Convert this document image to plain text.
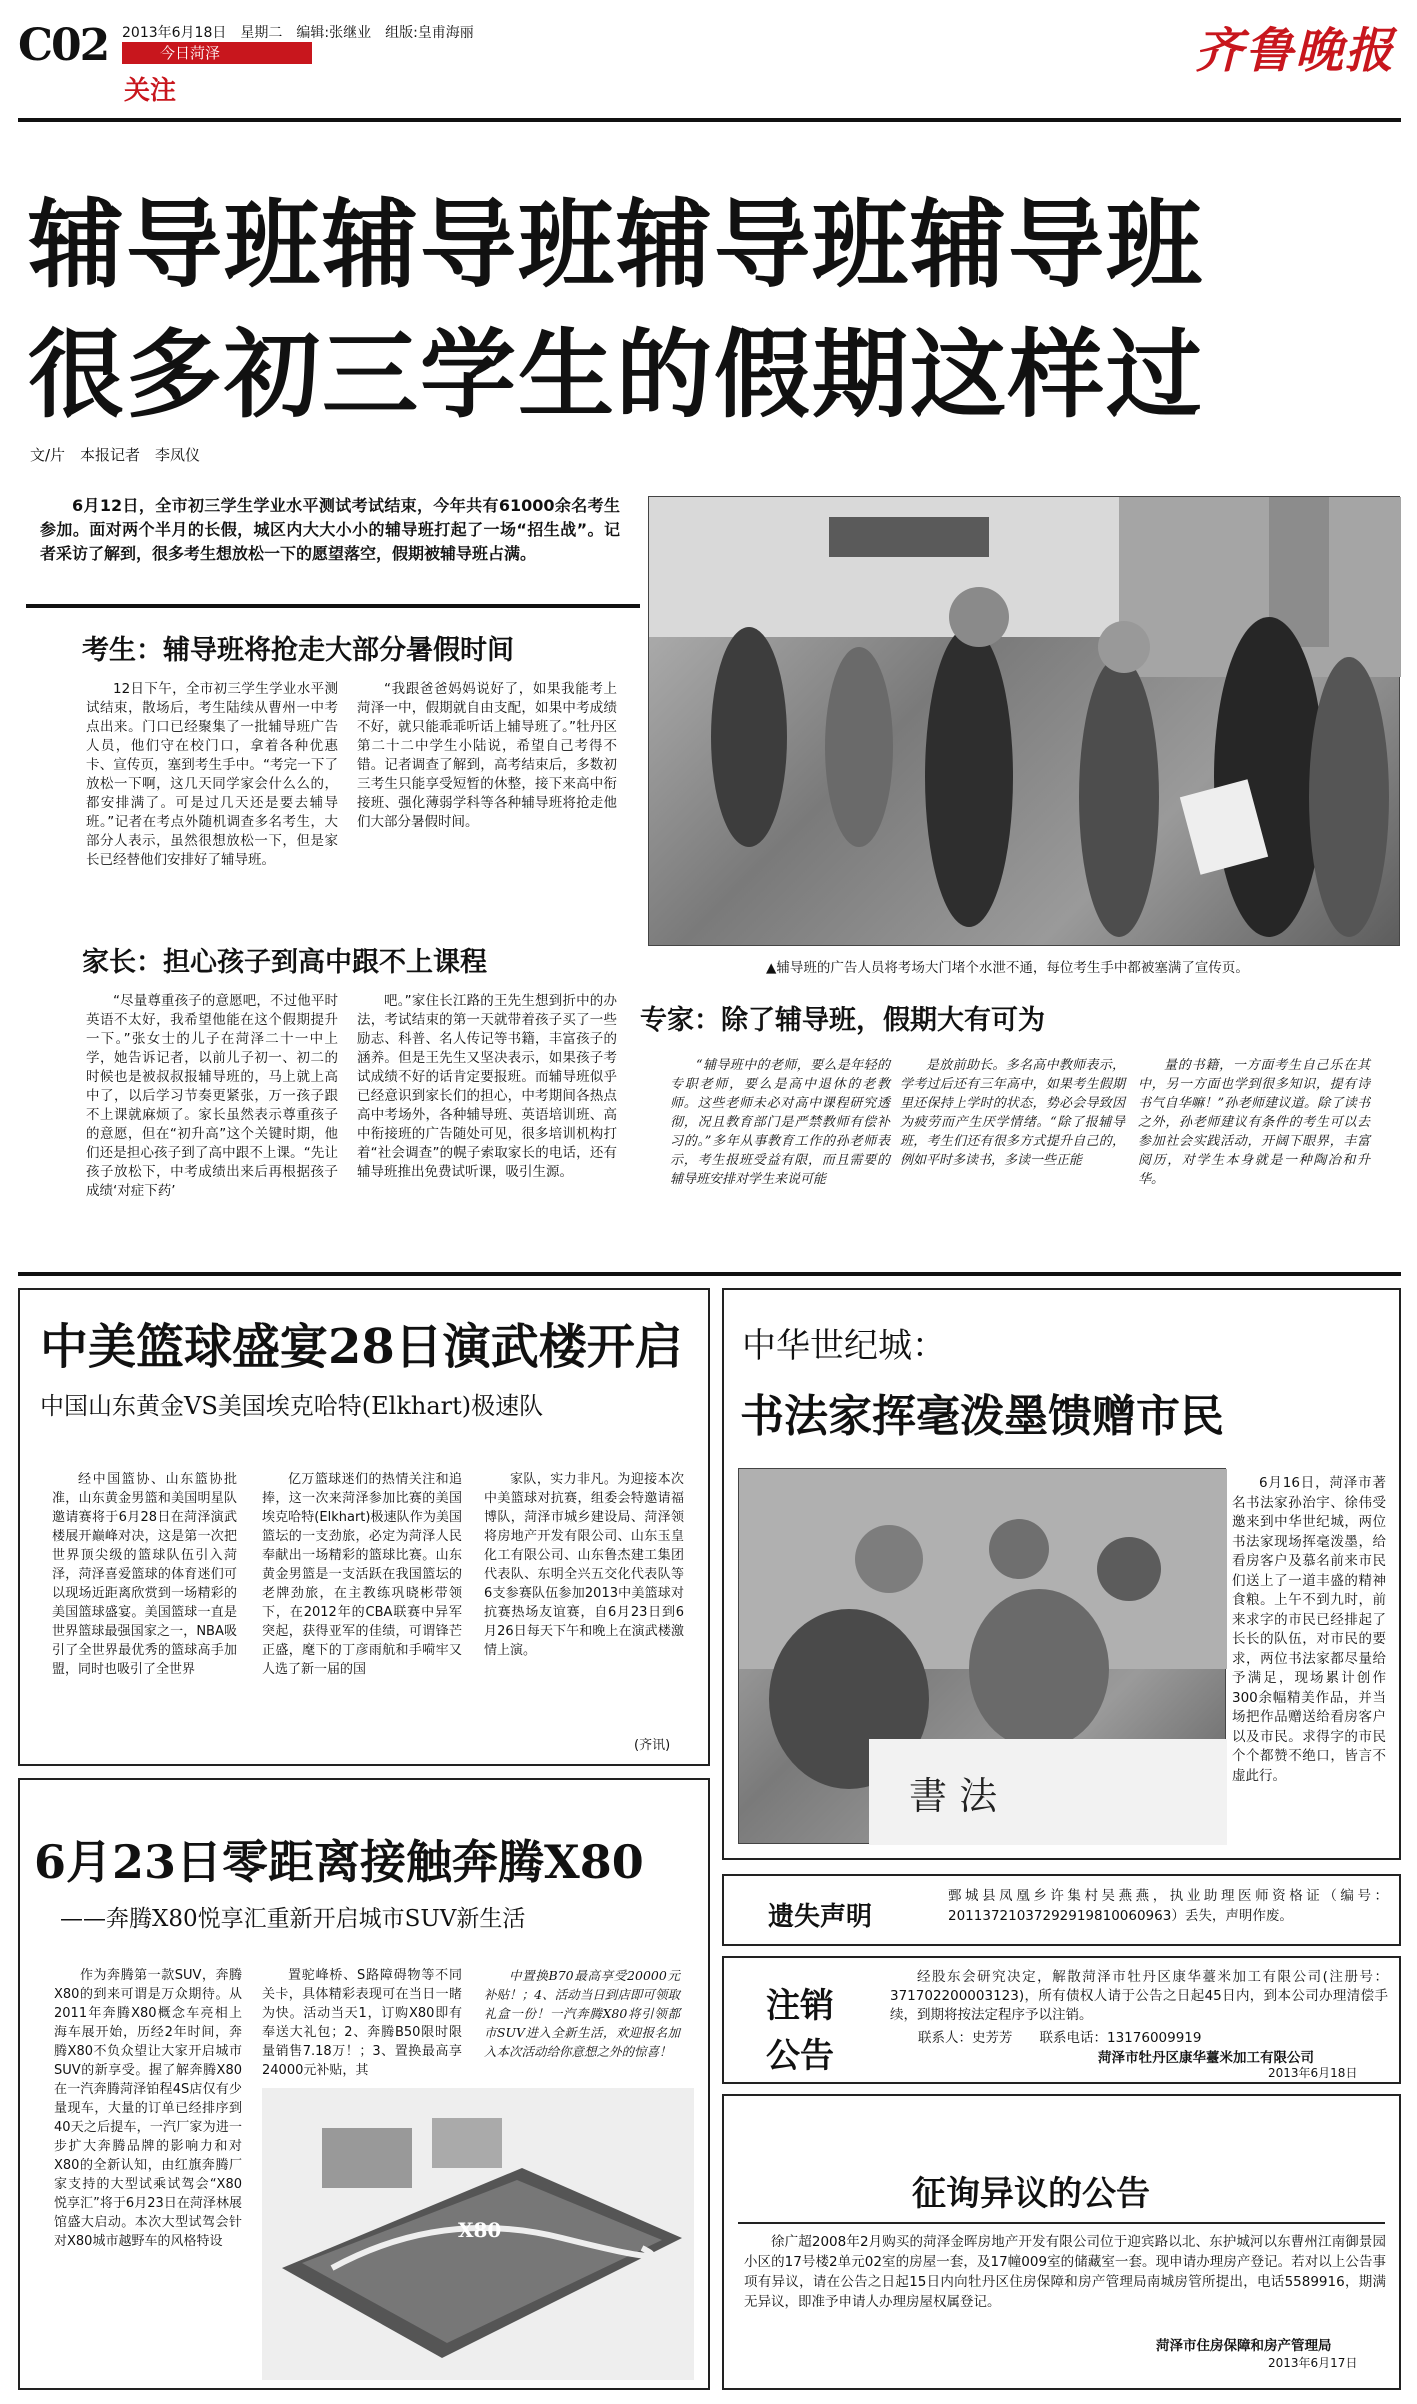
C02 2013年6月18日　星期二　编辑:张继业　组版:皇甫海丽
今日菏泽
关注
齐鲁晚报
辅导班辅导班辅导班辅导班
很多初三学生的假期这样过
文/片　本报记者　李凤仪
6月12日，全市初三学生学业水平测试考试结束，今年共有61000余名考生参加。面对两个半月的长假，城区内大大小小的辅导班打起了一场“招生战”。记者采访了解到，很多考生想放松一下的愿望落空，假期被辅导班占满。
考生：辅导班将抢走大部分暑假时间

12日下午，全市初三学生学业水平测试结束，散场后，考生陆续从曹州一中考点出来。门口已经聚集了一批辅导班广告人员，他们守在校门口，拿着各种优惠卡、宣传页，塞到考生手中。“考完一下了放松一下啊，这几天同学家会什么么的，都安排满了。可是过几天还是要去辅导班。”记者在考点外随机调查多名考生，大部分人表示，虽然很想放松一下，但是家长已经替他们安排好了辅导班。

“我跟爸爸妈妈说好了，如果我能考上菏泽一中，假期就自由支配，如果中考成绩不好，就只能乖乖听话上辅导班了。”牡丹区第二十二中学生小陆说，希望自己考得不错。记者调查了解到，高考结束后，多数初三考生只能享受短暂的休整，接下来高中衔接班、强化薄弱学科等各种辅导班将抢走他们大部分暑假时间。

▲辅导班的广告人员将考场大门堵个水泄不通，每位考生手中都被塞满了宣传页。
家长：担心孩子到高中跟不上课程

“尽量尊重孩子的意愿吧，不过他平时英语不太好，我希望他能在这个假期提升一下。”张女士的儿子在菏泽二十一中上学，她告诉记者，以前儿子初一、初二的时候也是被叔叔报辅导班的，马上就上高中了，以后学习节奏更紧张，万一孩子跟不上课就麻烦了。家长虽然表示尊重孩子的意愿，但在“初升高”这个关键时期，他们还是担心孩子到了高中跟不上课。“先让孩子放松下，中考成绩出来后再根据孩子成绩‘对症下药’

吧。”家住长江路的王先生想到折中的办法，考试结束的第一天就带着孩子买了一些励志、科普、名人传记等书籍，丰富孩子的涵养。但是王先生又坚决表示，如果孩子考试成绩不好的话肯定要报班。而辅导班似乎已经意识到家长们的担心，中考期间各热点高中考场外，各种辅导班、英语培训班、高中衔接班的广告随处可见，很多培训机构打着“社会调查”的幌子索取家长的电话，还有辅导班推出免费试听课，吸引生源。

专家：除了辅导班，假期大有可为

“辅导班中的老师，要么是年轻的专职老师，要么是高中退休的老教师。这些老师未必对高中课程研究透彻，况且教育部门是严禁教师有偿补习的。”多年从事教育工作的孙老师表示，考生报班受益有限，而且需要的辅导班安排对学生来说可能

是放前助长。多名高中教师表示，学考过后还有三年高中，如果考生假期里还保持上学时的状态，势必会导致因为疲劳而产生厌学情绪。“除了报辅导班，考生们还有很多方式提升自己的，例如平时多读书，多读一些正能

量的书籍，一方面考生自己乐在其中，另一方面也学到很多知识，提有诗书气自华嘛！”孙老师建议道。除了读书之外，孙老师建议有条件的考生可以去参加社会实践活动，开阔下眼界，丰富阅历，对学生本身就是一种陶冶和升华。

中美篮球盛宴28日演武楼开启
中国山东黄金VS美国埃克哈特(Elkhart)极速队

经中国篮协、山东篮协批准，山东黄金男篮和美国明星队邀请赛将于6月28日在菏泽演武楼展开巅峰对决，这是第一次把世界顶尖级的篮球队伍引入菏泽，菏泽喜爱篮球的体育迷们可以现场近距离欣赏到一场精彩的美国篮球盛宴。美国篮球一直是世界篮球最强国家之一，NBA吸引了全世界最优秀的篮球高手加盟，同时也吸引了全世界

亿万篮球迷们的热情关注和追捧，这一次来菏泽参加比赛的美国埃克哈特(Elkhart)极速队作为美国篮坛的一支劲旅，必定为菏泽人民奉献出一场精彩的篮球比赛。山东黄金男篮是一支活跃在我国篮坛的老牌劲旅，在主教练巩晓彬带领下，在2012年的CBA联赛中异军突起，获得亚军的佳绩，可谓锋芒正盛，麾下的丁彦雨航和手嗬牢又人选了新一届的国

家队，实力非凡。为迎接本次中美篮球对抗赛，组委会特邀请福博队，菏泽市城乡建设局、菏泽领将房地产开发有限公司、山东玉皇化工有限公司、山东鲁杰建工集团代表队、东明全兴五交化代表队等6支参赛队伍参加2013中美篮球对抗赛热场友谊赛，自6月23日到6月26日每天下午和晚上在演武楼激情上演。

(齐讯)
中华世纪城：
书法家挥毫泼墨馈赠市民
書 法

6月16日，菏泽市著名书法家孙治宇、徐伟受邀来到中华世纪城，两位书法家现场挥毫泼墨，给看房客户及慕名前来市民们送上了一道丰盛的精神食粮。上午不到九时，前来求字的市民已经排起了长长的队伍，对市民的要求，两位书法家都尽量给予满足，现场累计创作300余幅精美作品，并当场把作品赠送给看房客户以及市民。求得字的市民个个都赞不绝口，皆言不虚此行。

6月23日零距离接触奔腾X80
——奔腾X80悦享汇重新开启城市SUV新生活

作为奔腾第一款SUV，奔腾X80的到来可谓是万众期待。从2011年奔腾X80概念车亮相上海车展开始，历经2年时间，奔腾X80不负众望让大家开启城市SUV的新享受。握了解奔腾X80在一汽奔腾菏泽铂程4S店仅有少量现车，大量的订单已经排序到40天之后提车，一汽厂家为进一步扩大奔腾品牌的影响力和对X80的全新认知，由红旗奔腾厂家支持的大型试乘试驾会“X80悦享汇”将于6月23日在菏泽林展馆盛大启动。本次大型试驾会针对X80城市越野车的风格特设

置驼峰桥、S路障碍物等不同关卡，具体精彩表现可在当日一睹为快。活动当天1，订购X80即有奉送大礼包；2、奔腾B50限时限量销售7.18万！；3、置换最高享24000元补贴，其

中置换B70最高享受20000元补贴！；4、活动当日到店即可领取礼盒一份！一汽奔腾X80将引领都市SUV进入全新生活，欢迎报名加入本次活动给你意想之外的惊喜！

X80
遗失声明
鄄城县凤凰乡许集村吴燕燕，执业助理医师资格证（编号：20113721037292919810060963）丢失，声明作废。
注销
公告
经股东会研究决定，解散菏泽市牡丹区康华薹米加工有限公司(注册号：371702200003123)，所有债权人请于公告之日起45日内，到本公司办理清偿手续，到期将按法定程序予以注销。
联系人：史芳芳　　联系电话：13176009919
菏泽市牡丹区康华薹米加工有限公司
2013年6月18日
征询异议的公告
徐广超2008年2月购买的菏泽金晖房地产开发有限公司位于迎宾路以北、东护城河以东曹州江南御景园小区的17号楼2单元02室的房屋一套，及17幢009室的储藏室一套。现申请办理房产登记。若对以上公告事项有异议，请在公告之日起15日内向牡丹区住房保障和房产管理局南城房管所提出，电话5589916，期满无异议，即准予申请人办理房屋权属登记。
菏泽市住房保障和房产管理局
2013年6月17日
